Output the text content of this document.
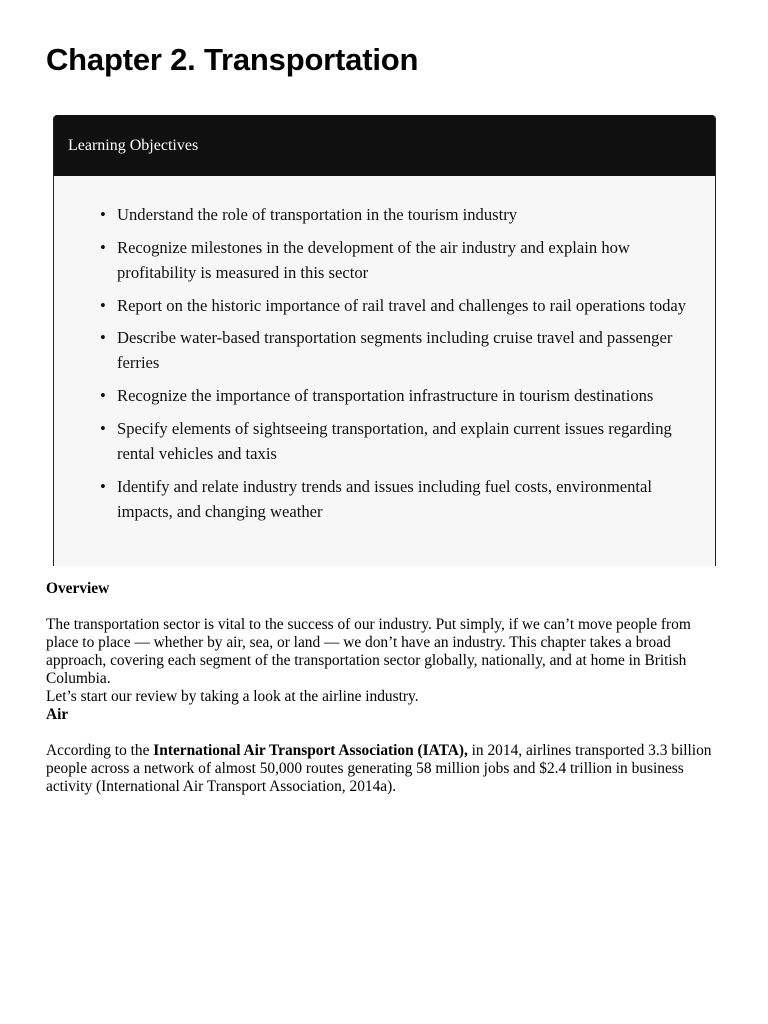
Chapter 2. Transportation
Learning Objectives
• Understand the role of transportation in the tourism industry
• Recognize milestones in the development of the air industry and explain how profitability is measured in this sector
• Report on the historic importance of rail travel and challenges to rail operations today
• Describe water-based transportation segments including cruise travel and passenger ferries
• Recognize the importance of transportation infrastructure in tourism destinations
• Specify elements of sightseeing transportation, and explain current issues regarding rental vehicles and taxis
• Identify and relate industry trends and issues including fuel costs, environmental impacts, and changing weather

Overview

The transportation sector is vital to the success of our industry. Put simply, if we can’t move people from place to place — whether by air, sea, or land — we don’t have an industry. This chapter takes a broad approach, covering each segment of the transportation sector globally, nationally, and at home in British Columbia.

Let’s start our review by taking a look at the airline industry.

Air

According to the International Air Transport Association (IATA), in 2014, airlines transported 3.3 billion people across a network of almost 50,000 routes generating 58 million jobs and $2.4 trillion in business activity (International Air Transport Association, 2014a).
